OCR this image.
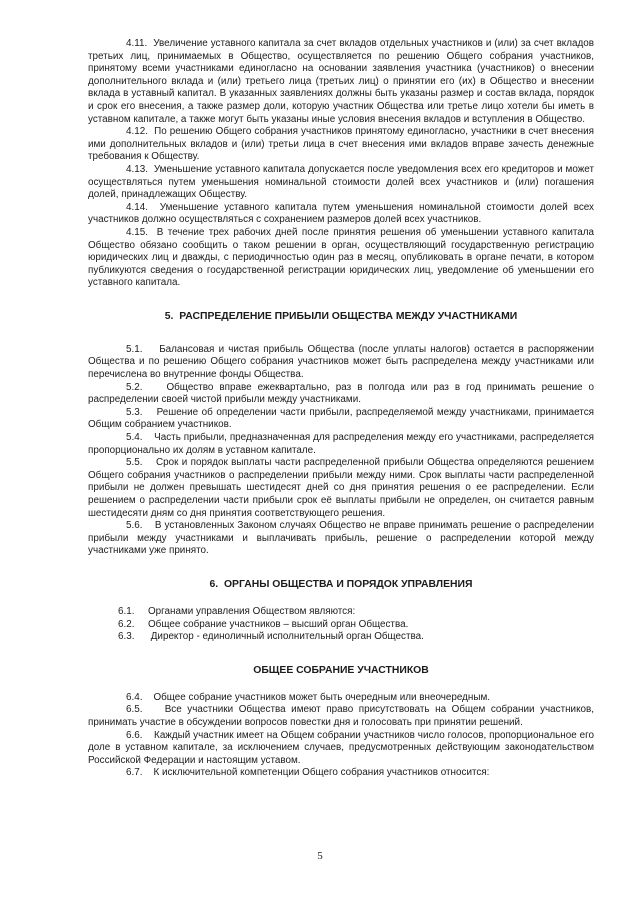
4.11.  Увеличение уставного капитала за счет вкладов отдельных участников и (или) за счет вкладов третьих лиц, принимаемых в Общество, осуществляется по решению Общего собрания участников, принятому всеми участниками единогласно на основании заявления участника (участников) о внесении дополнительного вклада и (или) третьего лица (третьих лиц) о принятии его (их) в Общество и внесении вклада в уставный капитал. В указанных заявлениях должны быть указаны размер и состав вклада, порядок и срок его внесения, а также размер доли, которую участник Общества или третье лицо хотели бы иметь в уставном капитале, а также могут быть указаны иные условия внесения вкладов и вступления в Общество.

4.12.  По решению Общего собрания участников принятому единогласно, участники в счет внесения ими дополнительных вкладов и (или) третьи лица в счет внесения ими вкладов вправе зачесть денежные требования к Обществу.

4.13.  Уменьшение уставного капитала допускается после уведомления всех его кредиторов и может осуществляться путем уменьшения номинальной стоимости долей всех участников и (или) погашения долей, принадлежащих Обществу.

4.14.  Уменьшение уставного капитала путем уменьшения номинальной стоимости долей всех участников должно осуществляться с сохранением размеров долей всех участников.

4.15.  В течение трех рабочих дней после принятия решения об уменьшении уставного капитала Общество обязано сообщить о таком решении в орган, осуществляющий государственную регистрацию юридических лиц и дважды, с периодичностью один раз в месяц, опубликовать в органе печати, в котором публикуются сведения о государственной регистрации юридических лиц, уведомление об уменьшении его уставного капитала.

5.  РАСПРЕДЕЛЕНИЕ ПРИБЫЛИ ОБЩЕСТВА МЕЖДУ УЧАСТНИКАМИ

5.1.    Балансовая и чистая прибыль Общества (после уплаты налогов) остается в распоряжении Общества и по решению Общего собрания участников может быть распределена между участниками или перечислена во внутренние фонды Общества.

5.2.    Общество вправе ежеквартально, раз в полгода или раз в год принимать решение о распределении своей чистой прибыли между участниками.

5.3.    Решение об определении части прибыли, распределяемой между участниками, принимается Общим собранием участников.

5.4.    Часть прибыли, предназначенная для распределения между его участниками, распределяется пропорционально их долям в уставном капитале.

5.5.    Срок и порядок выплаты части распределенной прибыли Общества определяются решением Общего собрания участников о распределении прибыли между ними. Срок выплаты части распределенной прибыли не должен превышать шестидесят дней со дня принятия решения о ее распределении. Если решением о распределении части прибыли срок её выплаты прибыли не определен, он считается равным шестидесяти дням со дня принятия соответствующего решения.

5.6.    В установленных Законом случаях Общество не вправе принимать решение о распределении прибыли между участниками и выплачивать прибыль, решение о распределении которой между участниками уже принято.

6.  ОРГАНЫ ОБЩЕСТВА И ПОРЯДОК УПРАВЛЕНИЯ
6.1. Органами управления Обществом являются:
6.2. Общее собрание участников – высший орган Общества.
6.3. Директор - единоличный исполнительный орган Общества.
ОБЩЕЕ СОБРАНИЕ УЧАСТНИКОВ

6.4.    Общее собрание участников может быть очередным или внеочередным.

6.5.    Все участники Общества имеют право присутствовать на Общем собрании участников, принимать участие в обсуждении вопросов повестки дня и голосовать при принятии решений.

6.6.    Каждый участник имеет на Общем собрании участников число голосов, пропорциональное его доле в уставном капитале, за исключением случаев, предусмотренных действующим законодательством Российской Федерации и настоящим уставом.

6.7.    К исключительной компетенции Общего собрания участников относится:

5
